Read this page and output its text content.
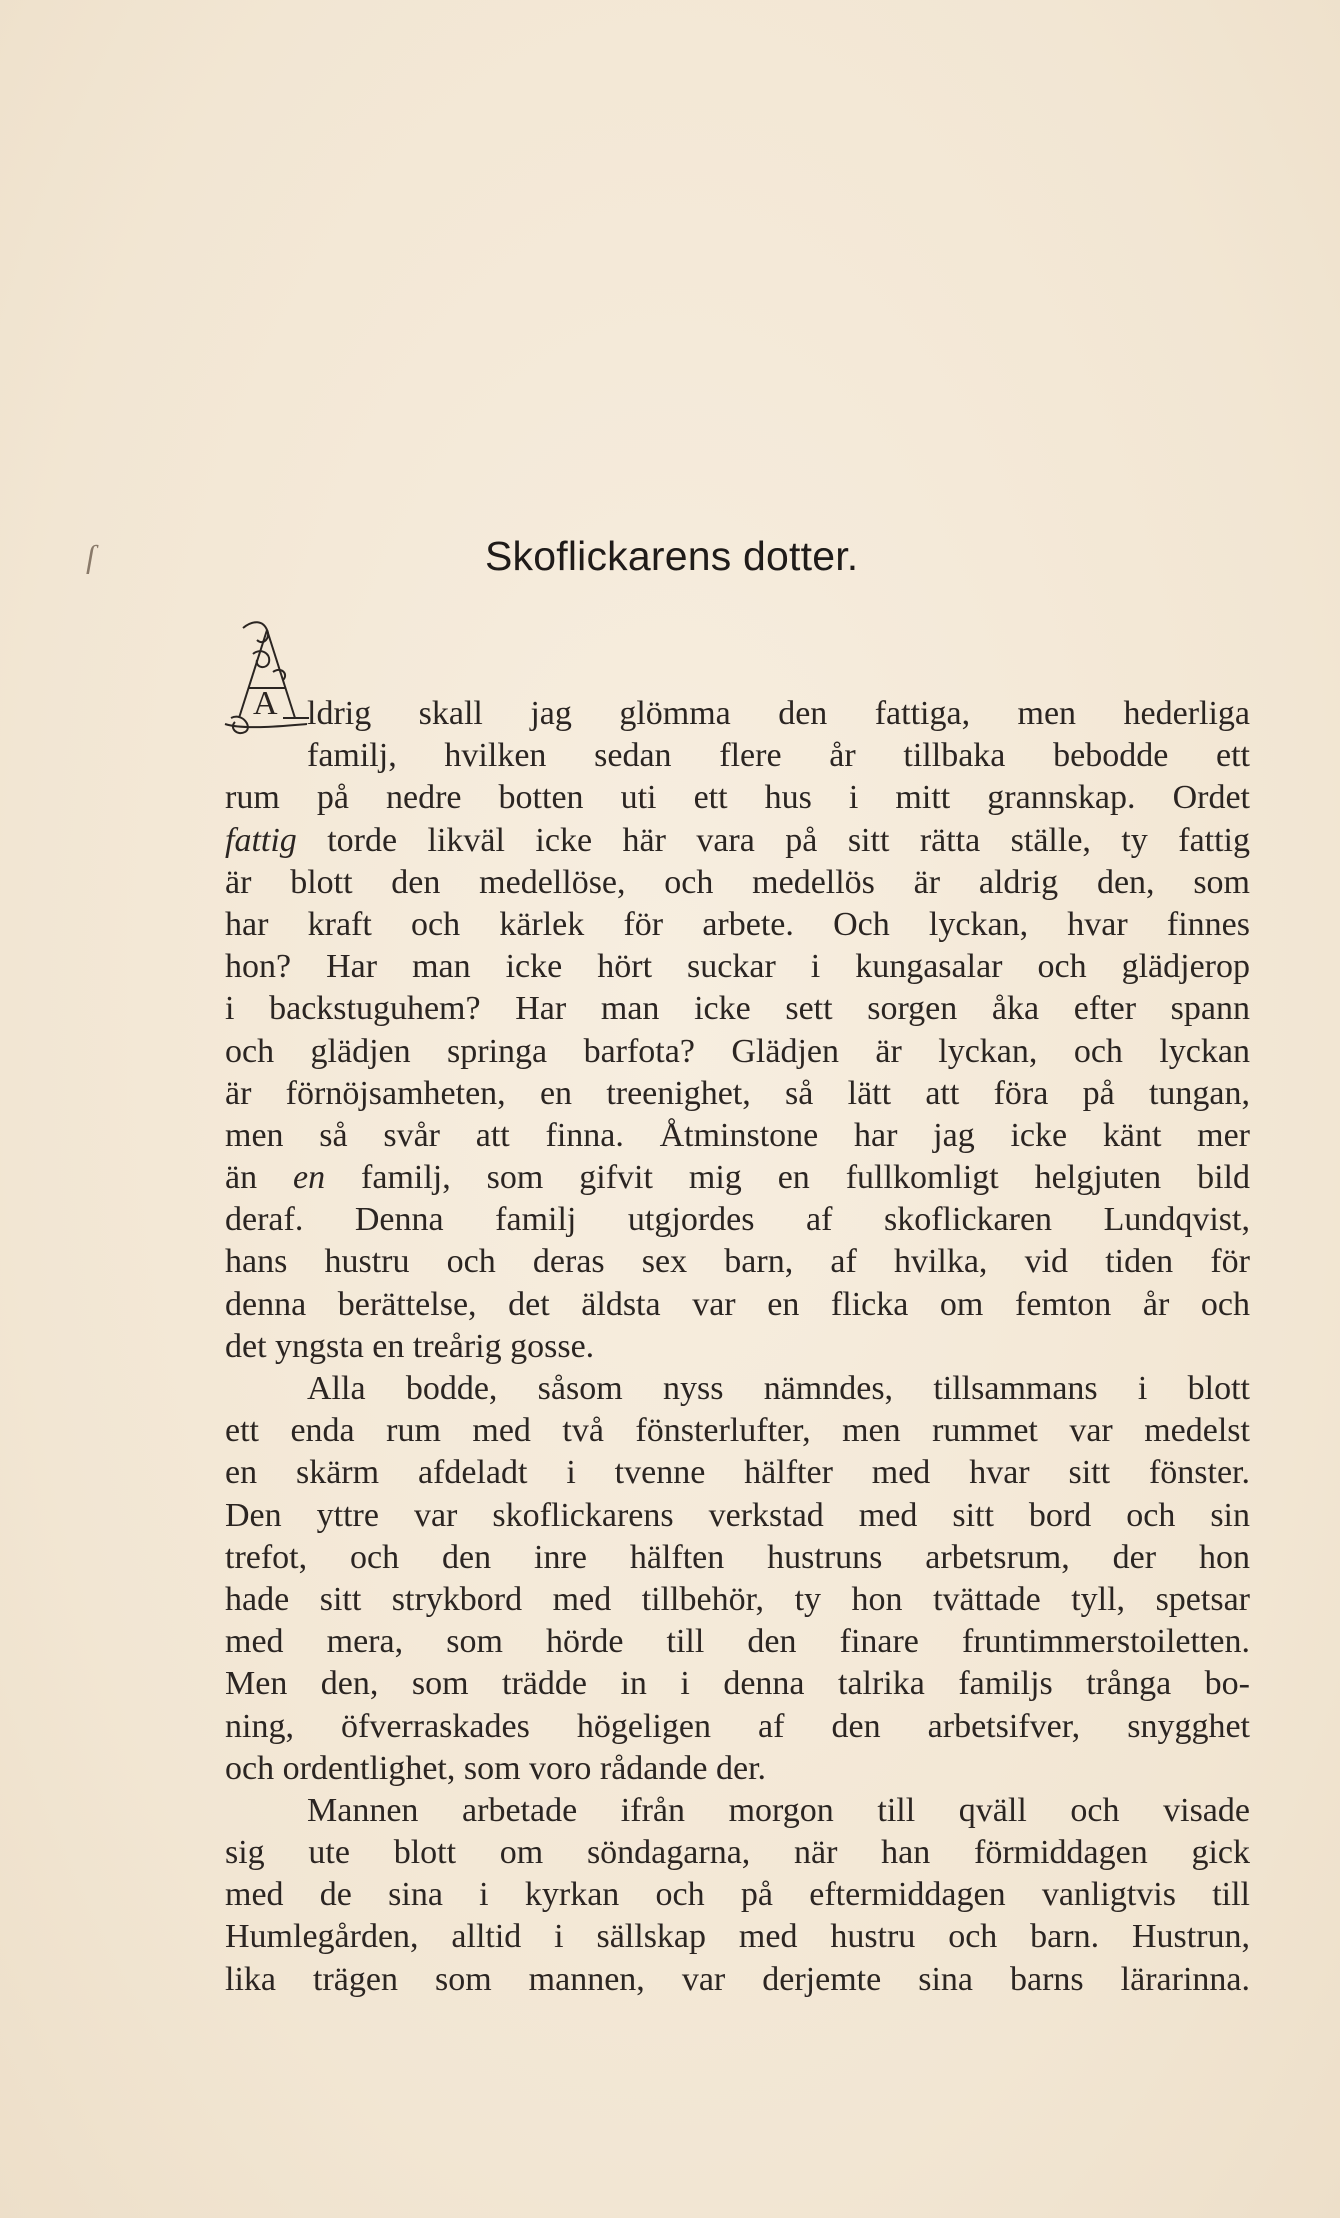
ſ	Skoflickarens dotter.
A ldrig skall jag glömma den fattiga, men hederliga
familj, hvilken sedan flere år tillbaka bebodde ett
rum på nedre botten uti ett hus i mitt grannskap. Ordet
fattig torde likväl icke här vara på sitt rätta ställe, ty fattig
är blott den medellöse, och medellös är aldrig den, som
har kraft och kärlek för arbete. Och lyckan, hvar finnes
hon? Har man icke hört suckar i kungasalar och glädjerop
i backstuguhem? Har man icke sett sorgen åka efter spann
och glädjen springa barfota? Glädjen är lyckan, och lyckan
är förnöjsamheten, en treenighet, så lätt att föra på tungan,
men så svår att finna. Åtminstone har jag icke känt mer
än en familj, som gifvit mig en fullkomligt helgjuten bild
deraf. Denna familj utgjordes af skoflickaren Lundqvist,
hans hustru och deras sex barn, af hvilka, vid tiden för
denna berättelse, det äldsta var en flicka om femton år och
det yngsta en treårig gosse.
Alla bodde, såsom nyss nämndes, tillsammans i blott
ett enda rum med två fönsterlufter, men rummet var medelst
en skärm afdeladt i tvenne hälfter med hvar sitt fönster.
Den yttre var skoflickarens verkstad med sitt bord och sin
trefot, och den inre hälften hustruns arbetsrum, der hon
hade sitt strykbord med tillbehör, ty hon tvättade tyll, spetsar
med mera, som hörde till den finare fruntimmerstoiletten.
Men den, som trädde in i denna talrika familjs trånga bo-
ning, öfverraskades högeligen af den arbetsifver, snygghet
och ordentlighet, som voro rådande der.
Mannen arbetade ifrån morgon till qväll och visade
sig ute blott om söndagarna, när han förmiddagen gick
med de sina i kyrkan och på eftermiddagen vanligtvis till
Humlegården, alltid i sällskap med hustru och barn. Hustrun,
lika trägen som mannen, var derjemte sina barns lärarinna.
